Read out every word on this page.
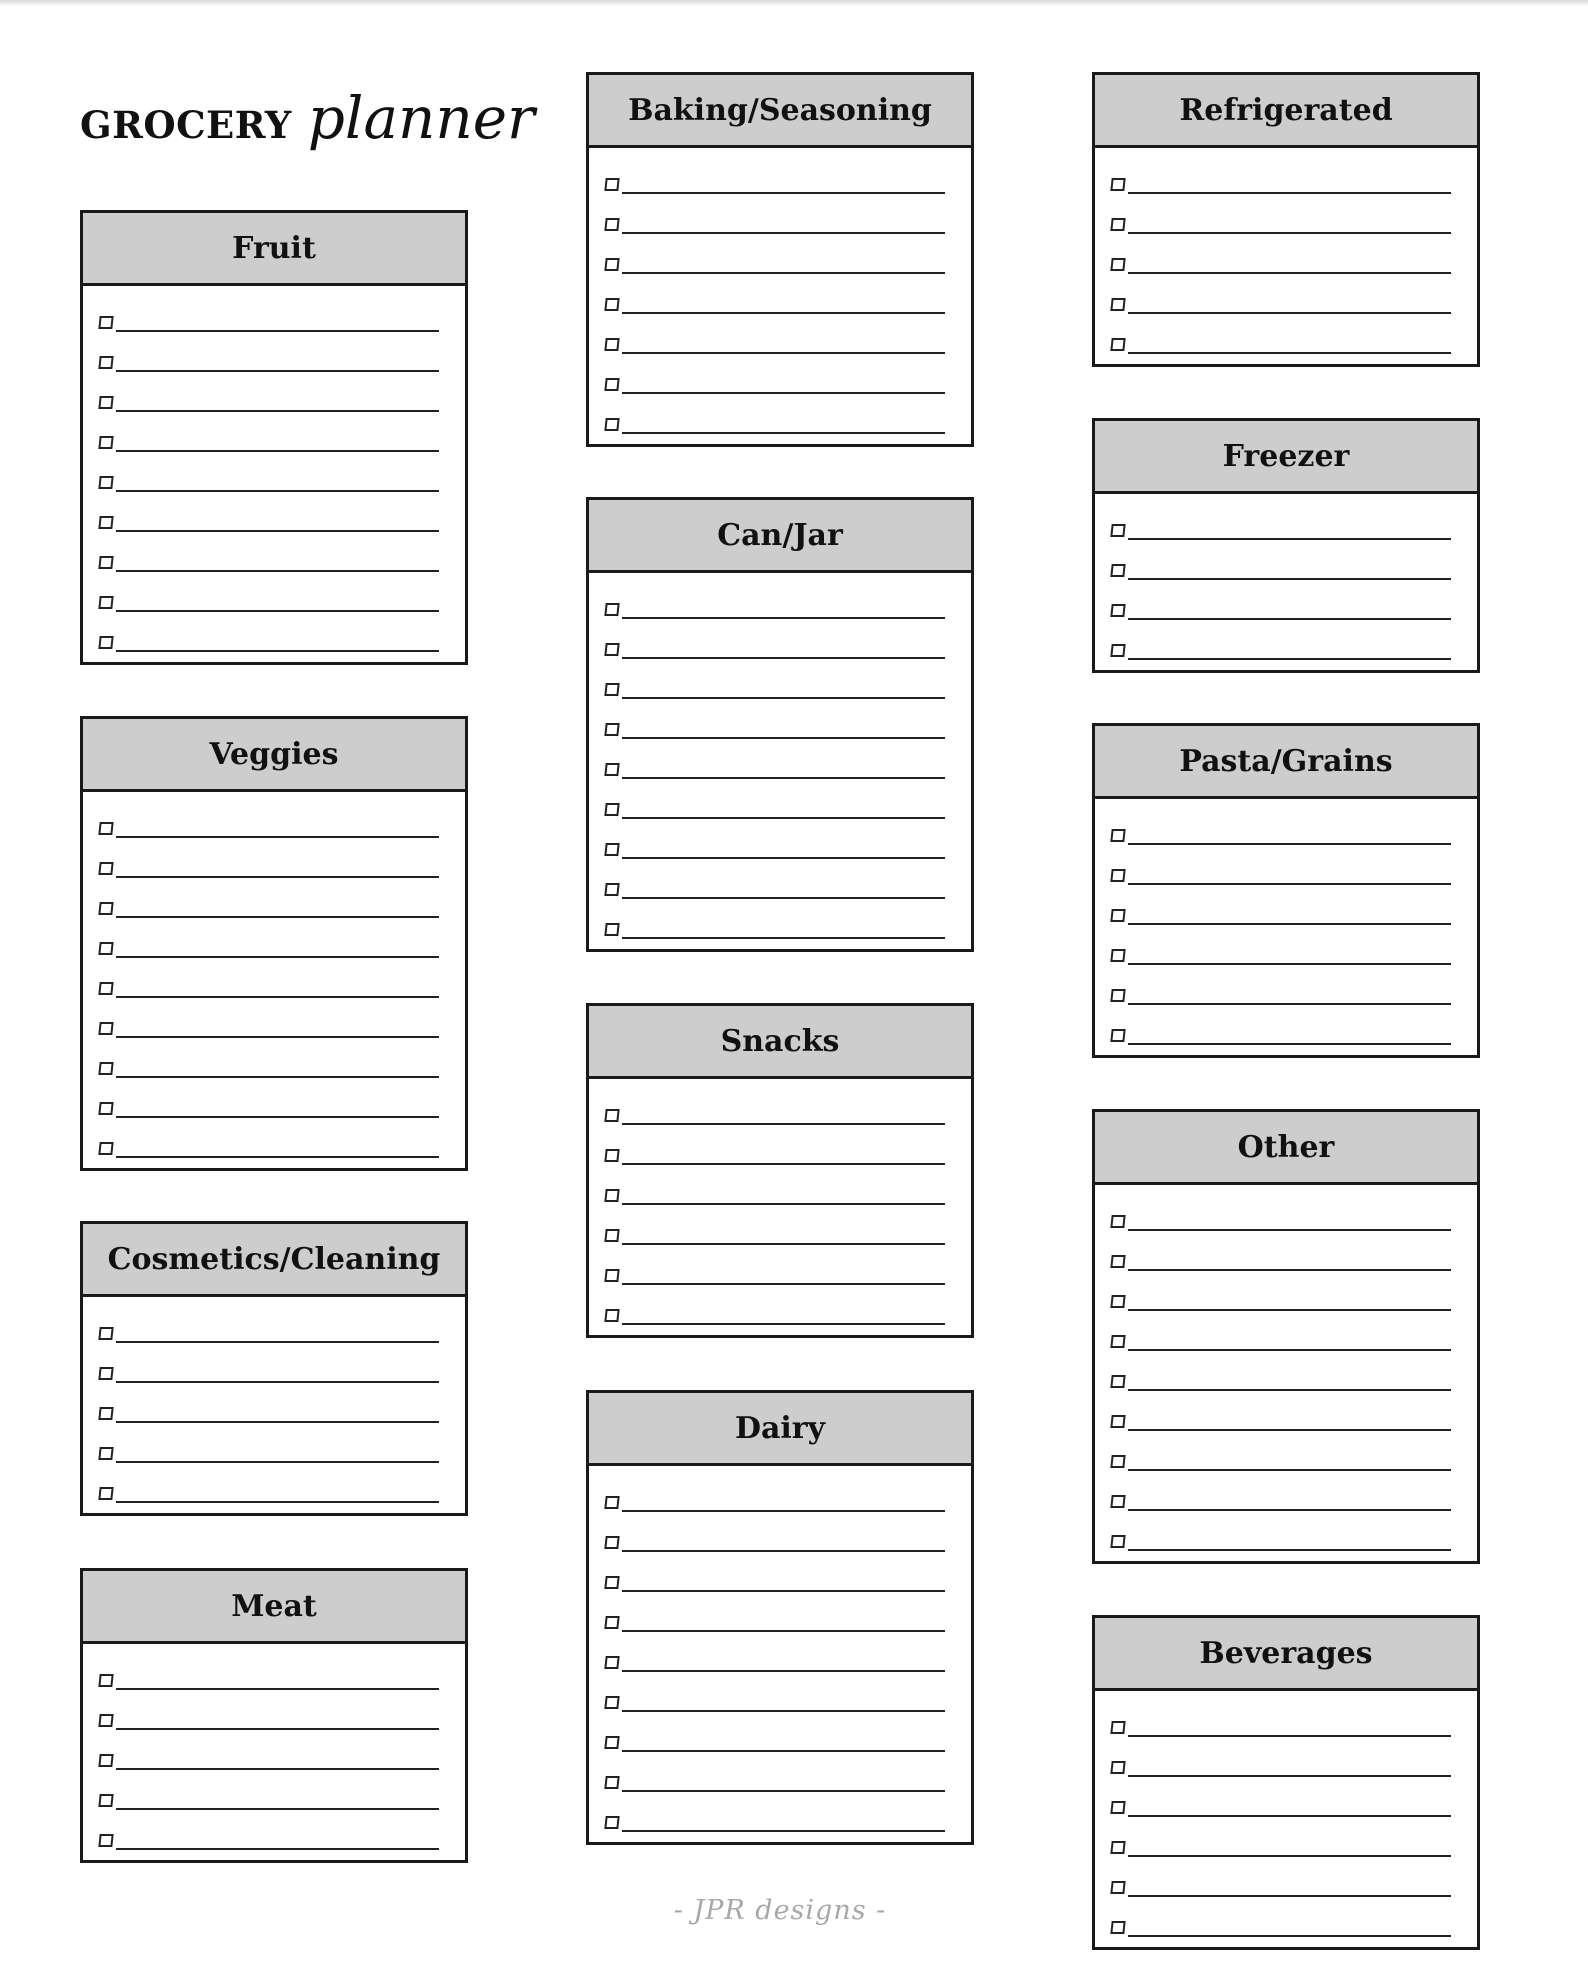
GROCERY planner
Fruit
Veggies
Cosmetics/Cleaning
Meat
Baking/Seasoning
Can/Jar
Snacks
Dairy
Refrigerated
Freezer
Pasta/Grains
Other
Beverages
- JPR designs -
